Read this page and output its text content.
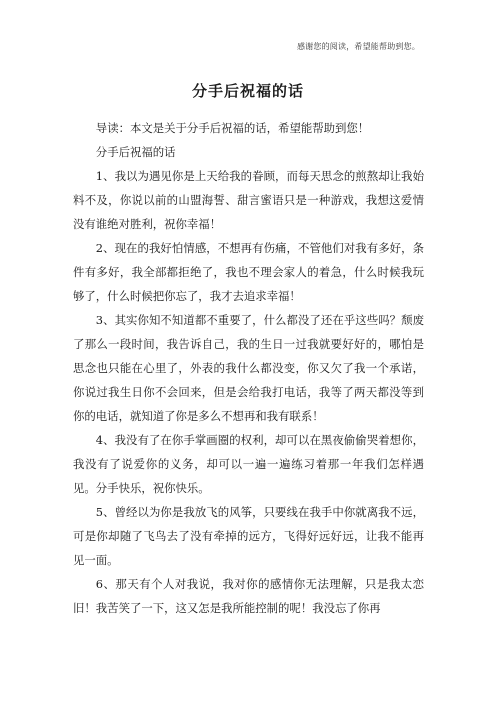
感谢您的阅读，希望能帮助到您。
分手后祝福的话

导读：本文是关于分手后祝福的话，希望能帮助到您！

分手后祝福的话

1、我以为遇见你是上天给我的眷顾，而每天思念的煎熬却让我始料不及，你说以前的山盟海誓、甜言蜜语只是一种游戏，我想这爱情没有谁绝对胜利，祝你幸福！

2、现在的我好怕情感，不想再有伤痛，不管他们对我有多好，条件有多好，我全部都拒绝了，我也不理会家人的着急，什么时候我玩够了，什么时候把你忘了，我才去追求幸福！

3、其实你知不知道都不重要了，什么都没了还在乎这些吗？颓废了那么一段时间，我告诉自己，我的生日一过我就要好好的，哪怕是思念也只能在心里了，外表的我什么都没变，你又欠了我一个承诺，你说过我生日你不会回来，但是会给我打电话，我等了两天都没等到你的电话，就知道了你是多么不想再和我有联系！

4、我没有了在你手掌画圈的权利，却可以在黑夜偷偷哭着想你，我没有了说爱你的义务，却可以一遍一遍练习着那一年我们怎样遇见。分手快乐，祝你快乐。

5、曾经以为你是我放飞的风筝，只要线在我手中你就离我不远，可是你却随了飞鸟去了没有牵掉的远方，飞得好远好远，让我不能再见一面。

6、那天有个人对我说，我对你的感情你无法理解，只是我太恋旧！我苦笑了一下，这又怎是我所能控制的呢！我没忘了你再
